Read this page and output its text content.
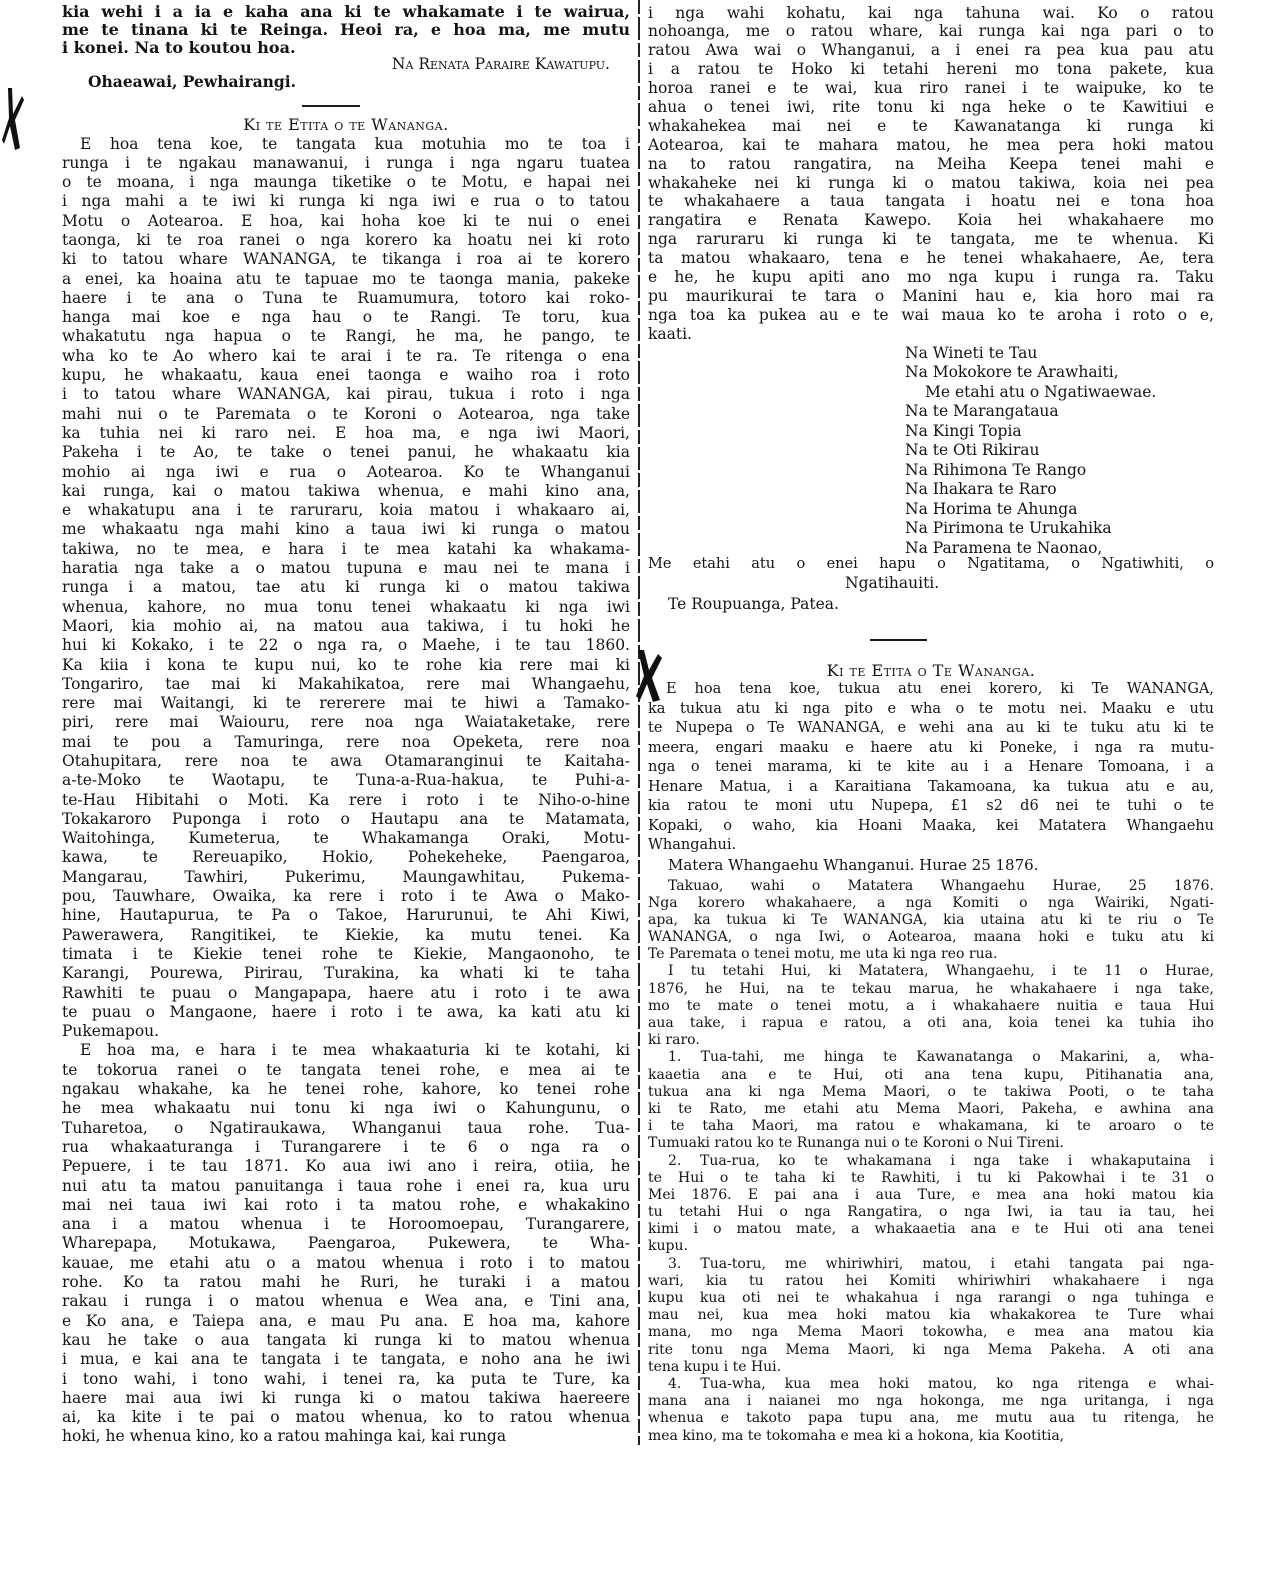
kia wehi i a ia e kaha ana ki te whakamate i te wairua,
me te tinana ki te Reinga. Heoi ra, e hoa ma, me mutu
i konei. Na to koutou hoa.
Na Renata Paraire Kawatupu.
Ohaeawai, Pewhairangi.
Ki te Etita o te Wananga.
E hoa tena koe, te tangata kua motuhia mo te toa i
runga i te ngakau manawanui, i runga i nga ngaru tuatea
o te moana, i nga maunga tiketike o te Motu, e hapai nei
i nga mahi a te iwi ki runga ki nga iwi e rua o to tatou
Motu o Aotearoa. E hoa, kai hoha koe ki te nui o enei
taonga, ki te roa ranei o nga korero ka hoatu nei ki roto
ki to tatou whare WANANGA, te tikanga i roa ai te korero
a enei, ka hoaina atu te tapuae mo te taonga mania, pakeke
haere i te ana o Tuna te Ruamumura, totoro kai roko-
hanga mai koe e nga hau o te Rangi. Te toru, kua
whakatutu nga hapua o te Rangi, he ma, he pango, te
wha ko te Ao whero kai te arai i te ra. Te ritenga o ena
kupu, he whakaatu, kaua enei taonga e waiho roa i roto
i to tatou whare WANANGA, kai pirau, tukua i roto i nga
mahi nui o te Paremata o te Koroni o Aotearoa, nga take
ka tuhia nei ki raro nei. E hoa ma, e nga iwi Maori,
Pakeha i te Ao, te take o tenei panui, he whakaatu kia
mohio ai nga iwi e rua o Aotearoa. Ko te Whanganui
kai runga, kai o matou takiwa whenua, e mahi kino ana,
e whakatupu ana i te raruraru, koia matou i whakaaro ai,
me whakaatu nga mahi kino a taua iwi ki runga o matou
takiwa, no te mea, e hara i te mea katahi ka whakama-
haratia nga take a o matou tupuna e mau nei te mana i
runga i a matou, tae atu ki runga ki o matou takiwa
whenua, kahore, no mua tonu tenei whakaatu ki nga iwi
Maori, kia mohio ai, na matou aua takiwa, i tu hoki he
hui ki Kokako, i te 22 o nga ra, o Maehe, i te tau 1860.
Ka kiia i kona te kupu nui, ko te rohe kia rere mai ki
Tongariro, tae mai ki Makahikatoa, rere mai Whangaehu,
rere mai Waitangi, ki te rererere mai te hiwi a Tamako-
piri, rere mai Waiouru, rere noa nga Waiataketake, rere
mai te pou a Tamuringa, rere noa Opeketa, rere noa
Otahupitara, rere noa te awa Otamaranginui te Kaitaha-
a-te-Moko te Waotapu, te Tuna-a-Rua-hakua, te Puhi-a-
te-Hau Hibitahi o Moti. Ka rere i roto i te Niho-o-hine
Tokakaroro Puponga i roto o Hautapu ana te Matamata,
Waitohinga, Kumeterua, te Whakamanga Oraki, Motu-
kawa, te Rereuapiko, Hokio, Pohekeheke, Paengaroa,
Mangarau, Tawhiri, Pukerimu, Maungawhitau, Pukema-
pou, Tauwhare, Owaika, ka rere i roto i te Awa o Mako-
hine, Hautapurua, te Pa o Takoe, Harurunui, te Ahi Kiwi,
Pawerawera, Rangitikei, te Kiekie, ka mutu tenei. Ka
timata i te Kiekie tenei rohe te Kiekie, Mangaonoho, te
Karangi, Pourewa, Pirirau, Turakina, ka whati ki te taha
Rawhiti te puau o Mangapapa, haere atu i roto i te awa
te puau o Mangaone, haere i roto i te awa, ka kati atu ki
Pukemapou.
E hoa ma, e hara i te mea whakaaturia ki te kotahi, ki
te tokorua ranei o te tangata tenei rohe, e mea ai te
ngakau whakahe, ka he tenei rohe, kahore, ko tenei rohe
he mea whakaatu nui tonu ki nga iwi o Kahungunu, o
Tuharetoa, o Ngatiraukawa, Whanganui taua rohe. Tua-
rua whakaaturanga i Turangarere i te 6 o nga ra o
Pepuere, i te tau 1871. Ko aua iwi ano i reira, otiia, he
nui atu ta matou panuitanga i taua rohe i enei ra, kua uru
mai nei taua iwi kai roto i ta matou rohe, e whakakino
ana i a matou whenua i te Horoomoepau, Turangarere,
Wharepapa, Motukawa, Paengaroa, Pukewera, te Wha-
kauae, me etahi atu o a matou whenua i roto i to matou
rohe. Ko ta ratou mahi he Ruri, he turaki i a matou
rakau i runga i o matou whenua e Wea ana, e Tini ana,
e Ko ana, e Taiepa ana, e mau Pu ana. E hoa ma, kahore
kau he take o aua tangata ki runga ki to matou whenua
i mua, e kai ana te tangata i te tangata, e noho ana he iwi
i tono wahi, i tono wahi, i tenei ra, ka puta te Ture, ka
haere mai aua iwi ki runga ki o matou takiwa haereere
ai, ka kite i te pai o matou whenua, ko to ratou whenua
hoki, he whenua kino, ko a ratou mahinga kai, kai runga
i nga wahi kohatu, kai nga tahuna wai. Ko o ratou
nohoanga, me o ratou whare, kai runga kai nga pari o to
ratou Awa wai o Whanganui, a i enei ra pea kua pau atu
i a ratou te Hoko ki tetahi hereni mo tona pakete, kua
horoa ranei e te wai, kua riro ranei i te waipuke, ko te
ahua o tenei iwi, rite tonu ki nga heke o te Kawitiui e
whakahekea mai nei e te Kawanatanga ki runga ki
Aotearoa, kai te mahara matou, he mea pera hoki matou
na to ratou rangatira, na Meiha Keepa tenei mahi e
whakaheke nei ki runga ki o matou takiwa, koia nei pea
te whakahaere a taua tangata i hoatu nei e tona hoa
rangatira e Renata Kawepo. Koia hei whakahaere mo
nga raruraru ki runga ki te tangata, me te whenua. Ki
ta matou whakaaro, tena e he tenei whakahaere, Ae, tera
e he, he kupu apiti ano mo nga kupu i runga ra. Taku
pu maurikurai te tara o Manini hau e, kia horo mai ra
nga toa ka pukea au e te wai maua ko te aroha i roto o e,
kaati.
Na Wineti te Tau
Na Mokokore te Arawhaiti,
Me etahi atu o Ngatiwaewae.
Na te Marangataua
Na Kingi Topia
Na te Oti Rikirau
Na Rihimona Te Rango
Na Ihakara te Raro
Na Horima te Ahunga
Na Pirimona te Urukahika
Na Paramena te Naonao,
Me etahi atu o enei hapu o Ngatitama, o Ngatiwhiti, o
Ngatihauiti.
Te Roupuanga, Patea.
Ki te Etita o Te Wananga.
E hoa tena koe, tukua atu enei korero, ki Te WANANGA,
ka tukua atu ki nga pito e wha o te motu nei. Maaku e utu
te Nupepa o Te WANANGA, e wehi ana au ki te tuku atu ki te
meera, engari maaku e haere atu ki Poneke, i nga ra mutu-
nga o tenei marama, ki te kite au i a Henare Tomoana, i a
Henare Matua, i a Karaitiana Takamoana, ka tukua atu e au,
kia ratou te moni utu Nupepa, £1 s2 d6 nei te tuhi o te
Kopaki, o waho, kia Hoani Maaka, kei Matatera Whangaehu
Whangahui.
Matera Whangaehu Whanganui. Hurae 25 1876.
Takuao, wahi o Matatera Whangaehu Hurae, 25 1876.
Nga korero whakahaere, a nga Komiti o nga Wairiki, Ngati-
apa, ka tukua ki Te WANANGA, kia utaina atu ki te riu o Te
WANANGA, o nga Iwi, o Aotearoa, maana hoki e tuku atu ki
Te Paremata o tenei motu, me uta ki nga reo rua.
I tu tetahi Hui, ki Matatera, Whangaehu, i te 11 o Hurae,
1876, he Hui, na te tekau marua, he whakahaere i nga take,
mo te mate o tenei motu, a i whakahaere nuitia e taua Hui
aua take, i rapua e ratou, a oti ana, koia tenei ka tuhia iho
ki raro.
1. Tua-tahi, me hinga te Kawanatanga o Makarini, a, wha-
kaaetia ana e te Hui, oti ana tena kupu, Pitihanatia ana,
tukua ana ki nga Mema Maori, o te takiwa Pooti, o te taha
ki te Rato, me etahi atu Mema Maori, Pakeha, e awhina ana
i te taha Maori, ma ratou e whakamana, ki te aroaro o te
Tumuaki ratou ko te Runanga nui o te Koroni o Nui Tireni.
2. Tua-rua, ko te whakamana i nga take i whakaputaina i
te Hui o te taha ki te Rawhiti, i tu ki Pakowhai i te 31 o
Mei 1876. E pai ana i aua Ture, e mea ana hoki matou kia
tu tetahi Hui o nga Rangatira, o nga Iwi, ia tau ia tau, hei
kimi i o matou mate, a whakaaetia ana e te Hui oti ana tenei
kupu.
3. Tua-toru, me whiriwhiri, matou, i etahi tangata pai nga-
wari, kia tu ratou hei Komiti whiriwhiri whakahaere i nga
kupu kua oti nei te whakahua i nga rarangi o nga tuhinga e
mau nei, kua mea hoki matou kia whakakorea te Ture whai
mana, mo nga Mema Maori tokowha, e mea ana matou kia
rite tonu nga Mema Maori, ki nga Mema Pakeha. A oti ana
tena kupu i te Hui.
4. Tua-wha, kua mea hoki matou, ko nga ritenga e whai-
mana ana i naianei mo nga hokonga, me nga uritanga, i nga
whenua e takoto papa tupu ana, me mutu aua tu ritenga, he
mea kino, ma te tokomaha e mea ki a hokona, kia Kootitia,
